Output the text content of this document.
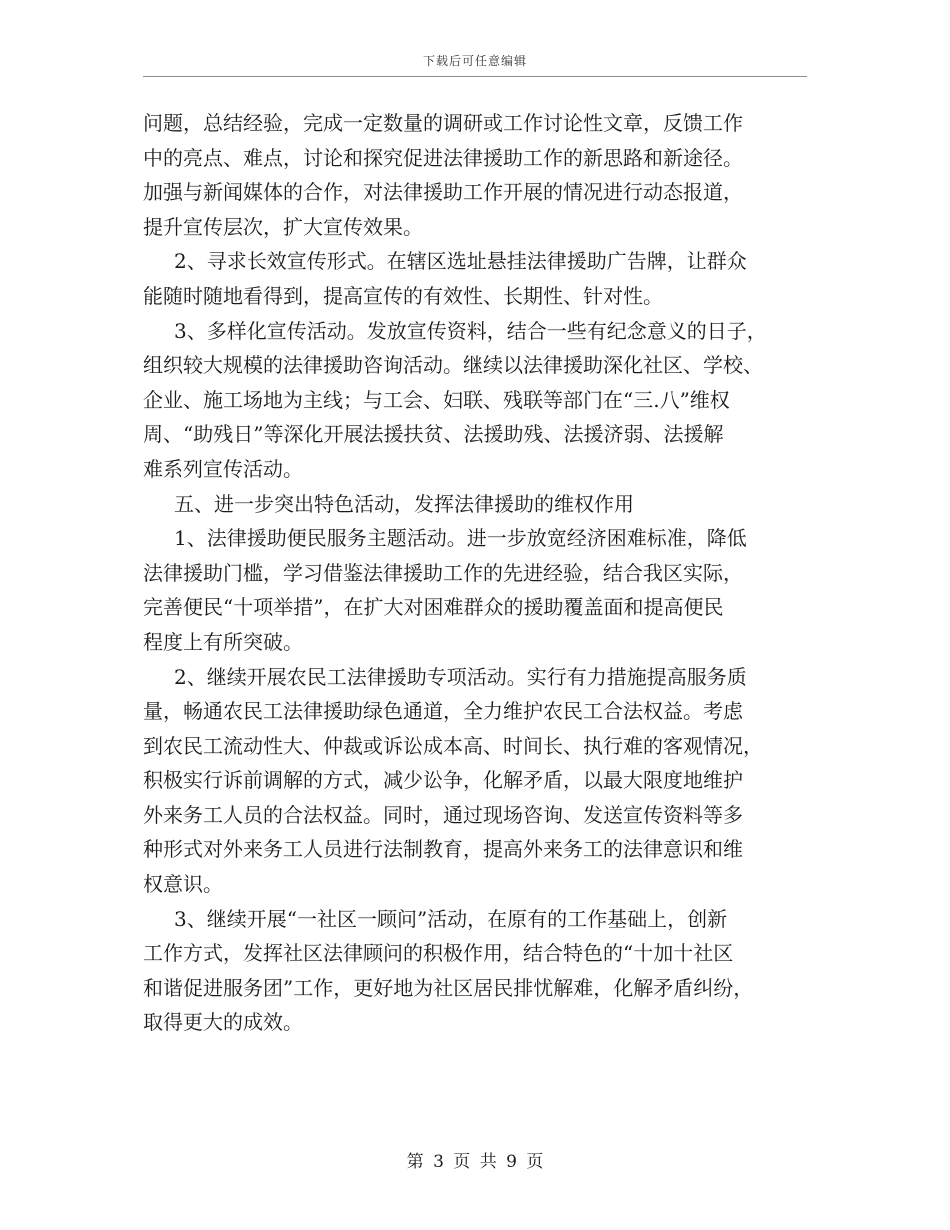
下载后可任意编辑
问题，总结经验，完成一定数量的调研或工作讨论性文章，反馈工作
中的亮点、难点，讨论和探究促进法律援助工作的新思路和新途径。
加强与新闻媒体的合作，对法律援助工作开展的情况进行动态报道，
提升宣传层次，扩大宣传效果。
2、寻求长效宣传形式。在辖区选址悬挂法律援助广告牌，让群众
能随时随地看得到，提高宣传的有效性、长期性、针对性。
3、多样化宣传活动。发放宣传资料，结合一些有纪念意义的日子，
组织较大规模的法律援助咨询活动。继续以法律援助深化社区、学校、
企业、施工场地为主线；与工会、妇联、残联等部门在“三.八”维权
周、“助残日”等深化开展法援扶贫、法援助残、法援济弱、法援解
难系列宣传活动。
五、进一步突出特色活动，发挥法律援助的维权作用
1、法律援助便民服务主题活动。进一步放宽经济困难标准，降低
法律援助门槛，学习借鉴法律援助工作的先进经验，结合我区实际，
完善便民“十项举措”，在扩大对困难群众的援助覆盖面和提高便民
程度上有所突破。
2、继续开展农民工法律援助专项活动。实行有力措施提高服务质
量，畅通农民工法律援助绿色通道，全力维护农民工合法权益。考虑
到农民工流动性大、仲裁或诉讼成本高、时间长、执行难的客观情况，
积极实行诉前调解的方式，减少讼争，化解矛盾，以最大限度地维护
外来务工人员的合法权益。同时，通过现场咨询、发送宣传资料等多
种形式对外来务工人员进行法制教育，提高外来务工的法律意识和维
权意识。
3、继续开展“一社区一顾问”活动，在原有的工作基础上，创新
工作方式，发挥社区法律顾问的积极作用，结合特色的“十加十社区
和谐促进服务团”工作，更好地为社区居民排忧解难，化解矛盾纠纷，
取得更大的成效。
第 3 页 共 9 页
